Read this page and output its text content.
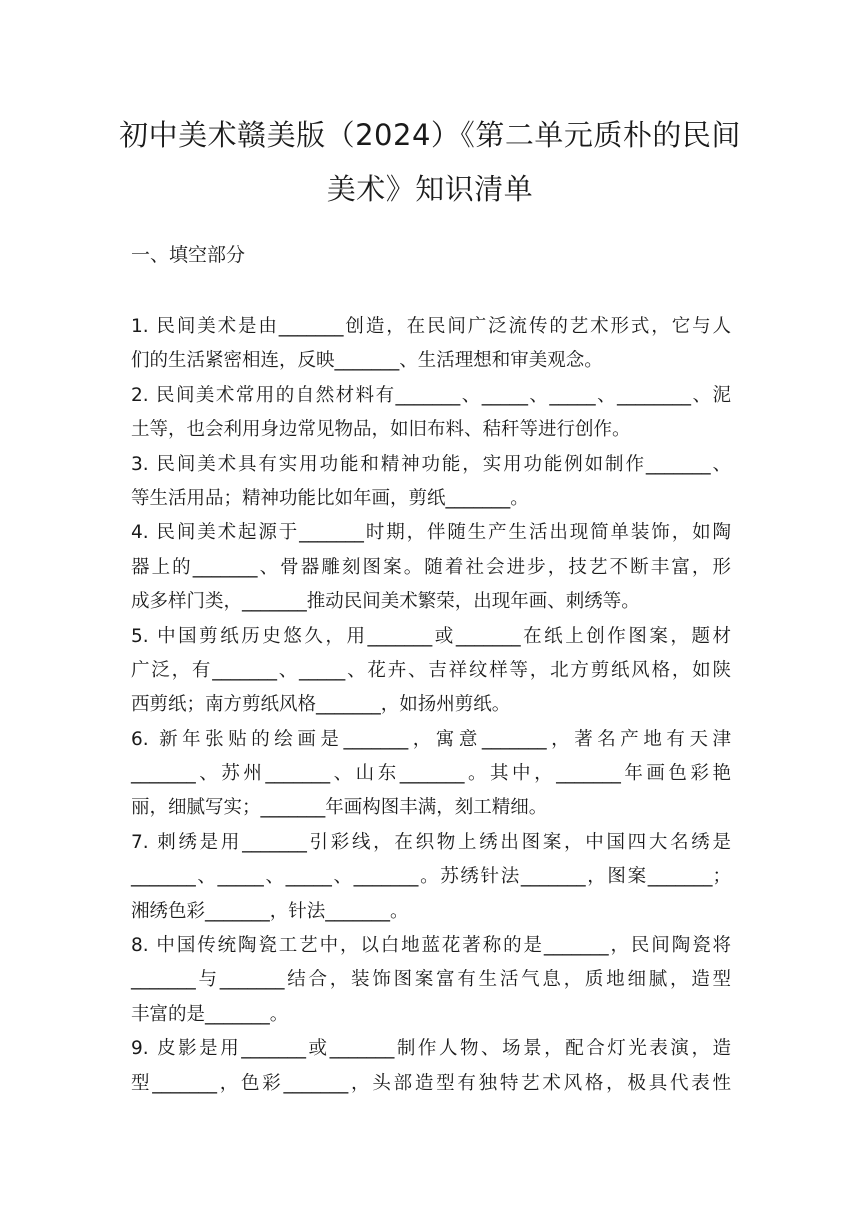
初中美术赣美版（2024）《第二单元质朴的民间
美术》知识清单
一、填空部分
1. 民间美术是由_______创造，在民间广泛流传的艺术形式，它与人
们的生活紧密相连，反映_______、生活理想和审美观念。
2. 民间美术常用的自然材料有_______、_____、_____、________、泥
土等，也会利用身边常见物品，如旧布料、秸秆等进行创作。
3. 民间美术具有实用功能和精神功能，实用功能例如制作_______、
等生活用品；精神功能比如年画，剪纸_______。
4. 民间美术起源于_______时期，伴随生产生活出现简单装饰，如陶
器上的_______、骨器雕刻图案。随着社会进步，技艺不断丰富，形
成多样门类，_______推动民间美术繁荣，出现年画、刺绣等。
5. 中国剪纸历史悠久，用_______或_______在纸上创作图案，题材
广泛，有_______、_____、花卉、吉祥纹样等，北方剪纸风格，如陕
西剪纸；南方剪纸风格_______，如扬州剪纸。
6. 新年张贴的绘画是_______，寓意_______，著名产地有天津
_______、苏州_______、山东_______。其中，_______年画色彩艳
丽，细腻写实；_______年画构图丰满，刻工精细。
7. 刺绣是用_______引彩线，在织物上绣出图案，中国四大名绣是
_______、_____、_____、_______。苏绣针法_______，图案_______；
湘绣色彩_______，针法_______。
8. 中国传统陶瓷工艺中，以白地蓝花著称的是_______，民间陶瓷将
_______与_______结合，装饰图案富有生活气息，质地细腻，造型
丰富的是_______。
9. 皮影是用_______或_______制作人物、场景，配合灯光表演，造
型_______，色彩_______，头部造型有独特艺术风格，极具代表性
